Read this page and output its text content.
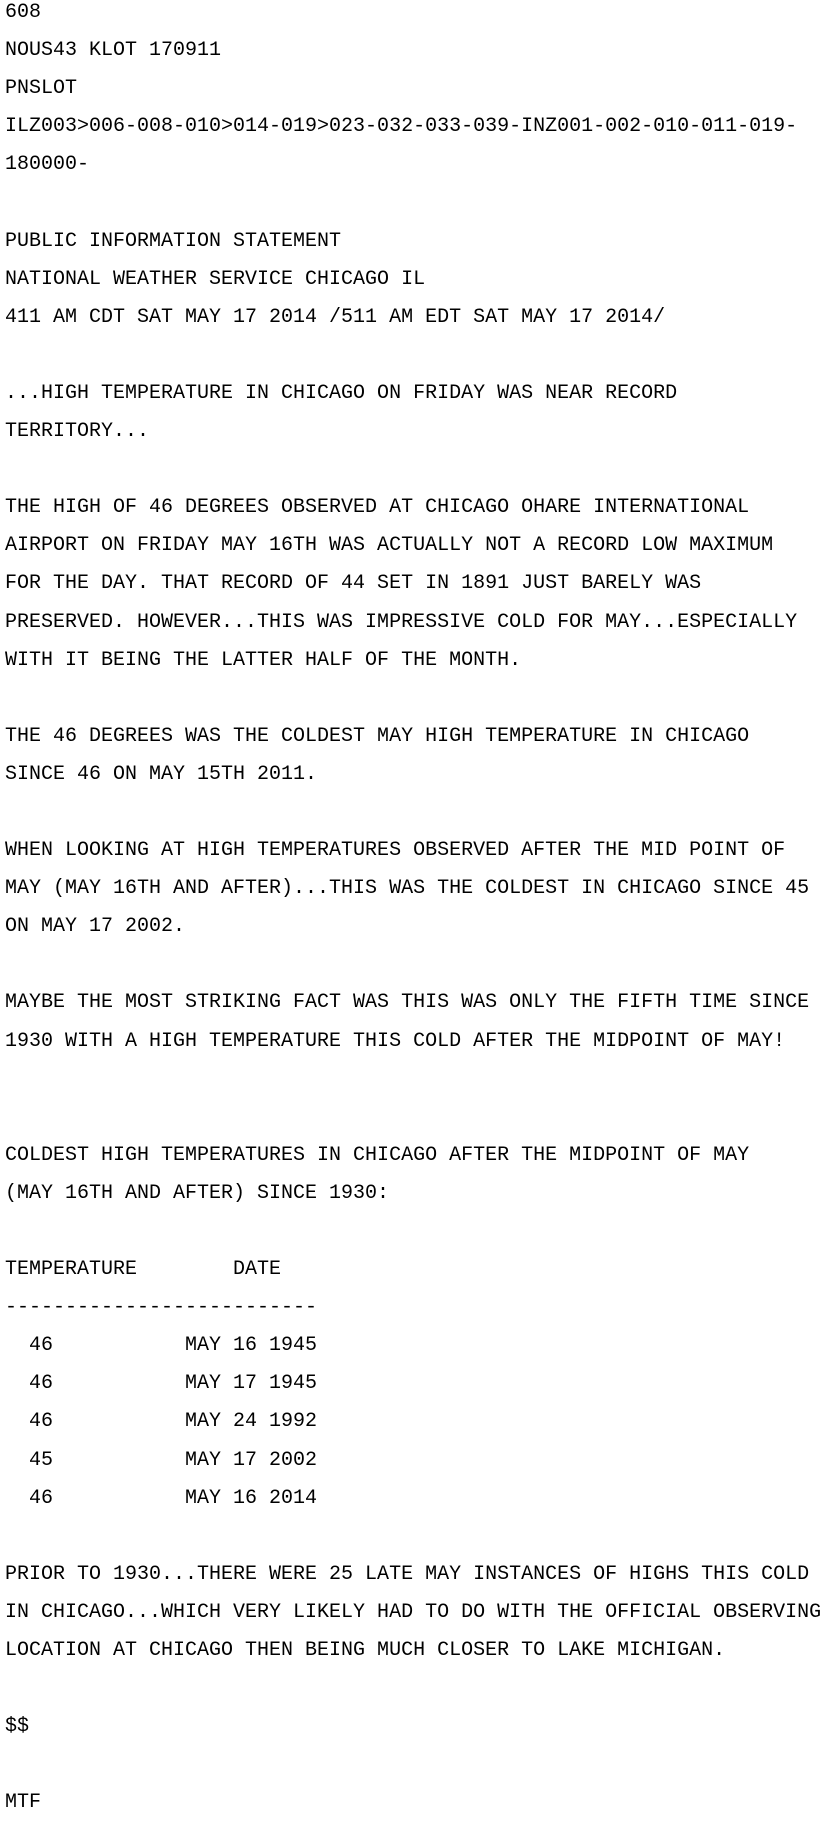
608

NOUS43 KLOT 170911

PNSLOT

ILZ003>006-008-010>014-019>023-032-033-039-INZ001-002-010-011-019-

180000-

PUBLIC INFORMATION STATEMENT

NATIONAL WEATHER SERVICE CHICAGO IL

411 AM CDT SAT MAY 17 2014 /511 AM EDT SAT MAY 17 2014/

...HIGH TEMPERATURE IN CHICAGO ON FRIDAY WAS NEAR RECORD

TERRITORY...

THE HIGH OF 46 DEGREES OBSERVED AT CHICAGO OHARE INTERNATIONAL

AIRPORT ON FRIDAY MAY 16TH WAS ACTUALLY NOT A RECORD LOW MAXIMUM

FOR THE DAY. THAT RECORD OF 44 SET IN 1891 JUST BARELY WAS

PRESERVED. HOWEVER...THIS WAS IMPRESSIVE COLD FOR MAY...ESPECIALLY

WITH IT BEING THE LATTER HALF OF THE MONTH.

THE 46 DEGREES WAS THE COLDEST MAY HIGH TEMPERATURE IN CHICAGO

SINCE 46 ON MAY 15TH 2011.

WHEN LOOKING AT HIGH TEMPERATURES OBSERVED AFTER THE MID POINT OF

MAY (MAY 16TH AND AFTER)...THIS WAS THE COLDEST IN CHICAGO SINCE 45

ON MAY 17 2002.

MAYBE THE MOST STRIKING FACT WAS THIS WAS ONLY THE FIFTH TIME SINCE

1930 WITH A HIGH TEMPERATURE THIS COLD AFTER THE MIDPOINT OF MAY!

COLDEST HIGH TEMPERATURES IN CHICAGO AFTER THE MIDPOINT OF MAY

(MAY 16TH AND AFTER) SINCE 1930:

TEMPERATURE        DATE

--------------------------

46           MAY 16 1945

46           MAY 17 1945

46           MAY 24 1992

45           MAY 17 2002

46           MAY 16 2014

PRIOR TO 1930...THERE WERE 25 LATE MAY INSTANCES OF HIGHS THIS COLD

IN CHICAGO...WHICH VERY LIKELY HAD TO DO WITH THE OFFICIAL OBSERVING

LOCATION AT CHICAGO THEN BEING MUCH CLOSER TO LAKE MICHIGAN.

$$

MTF
